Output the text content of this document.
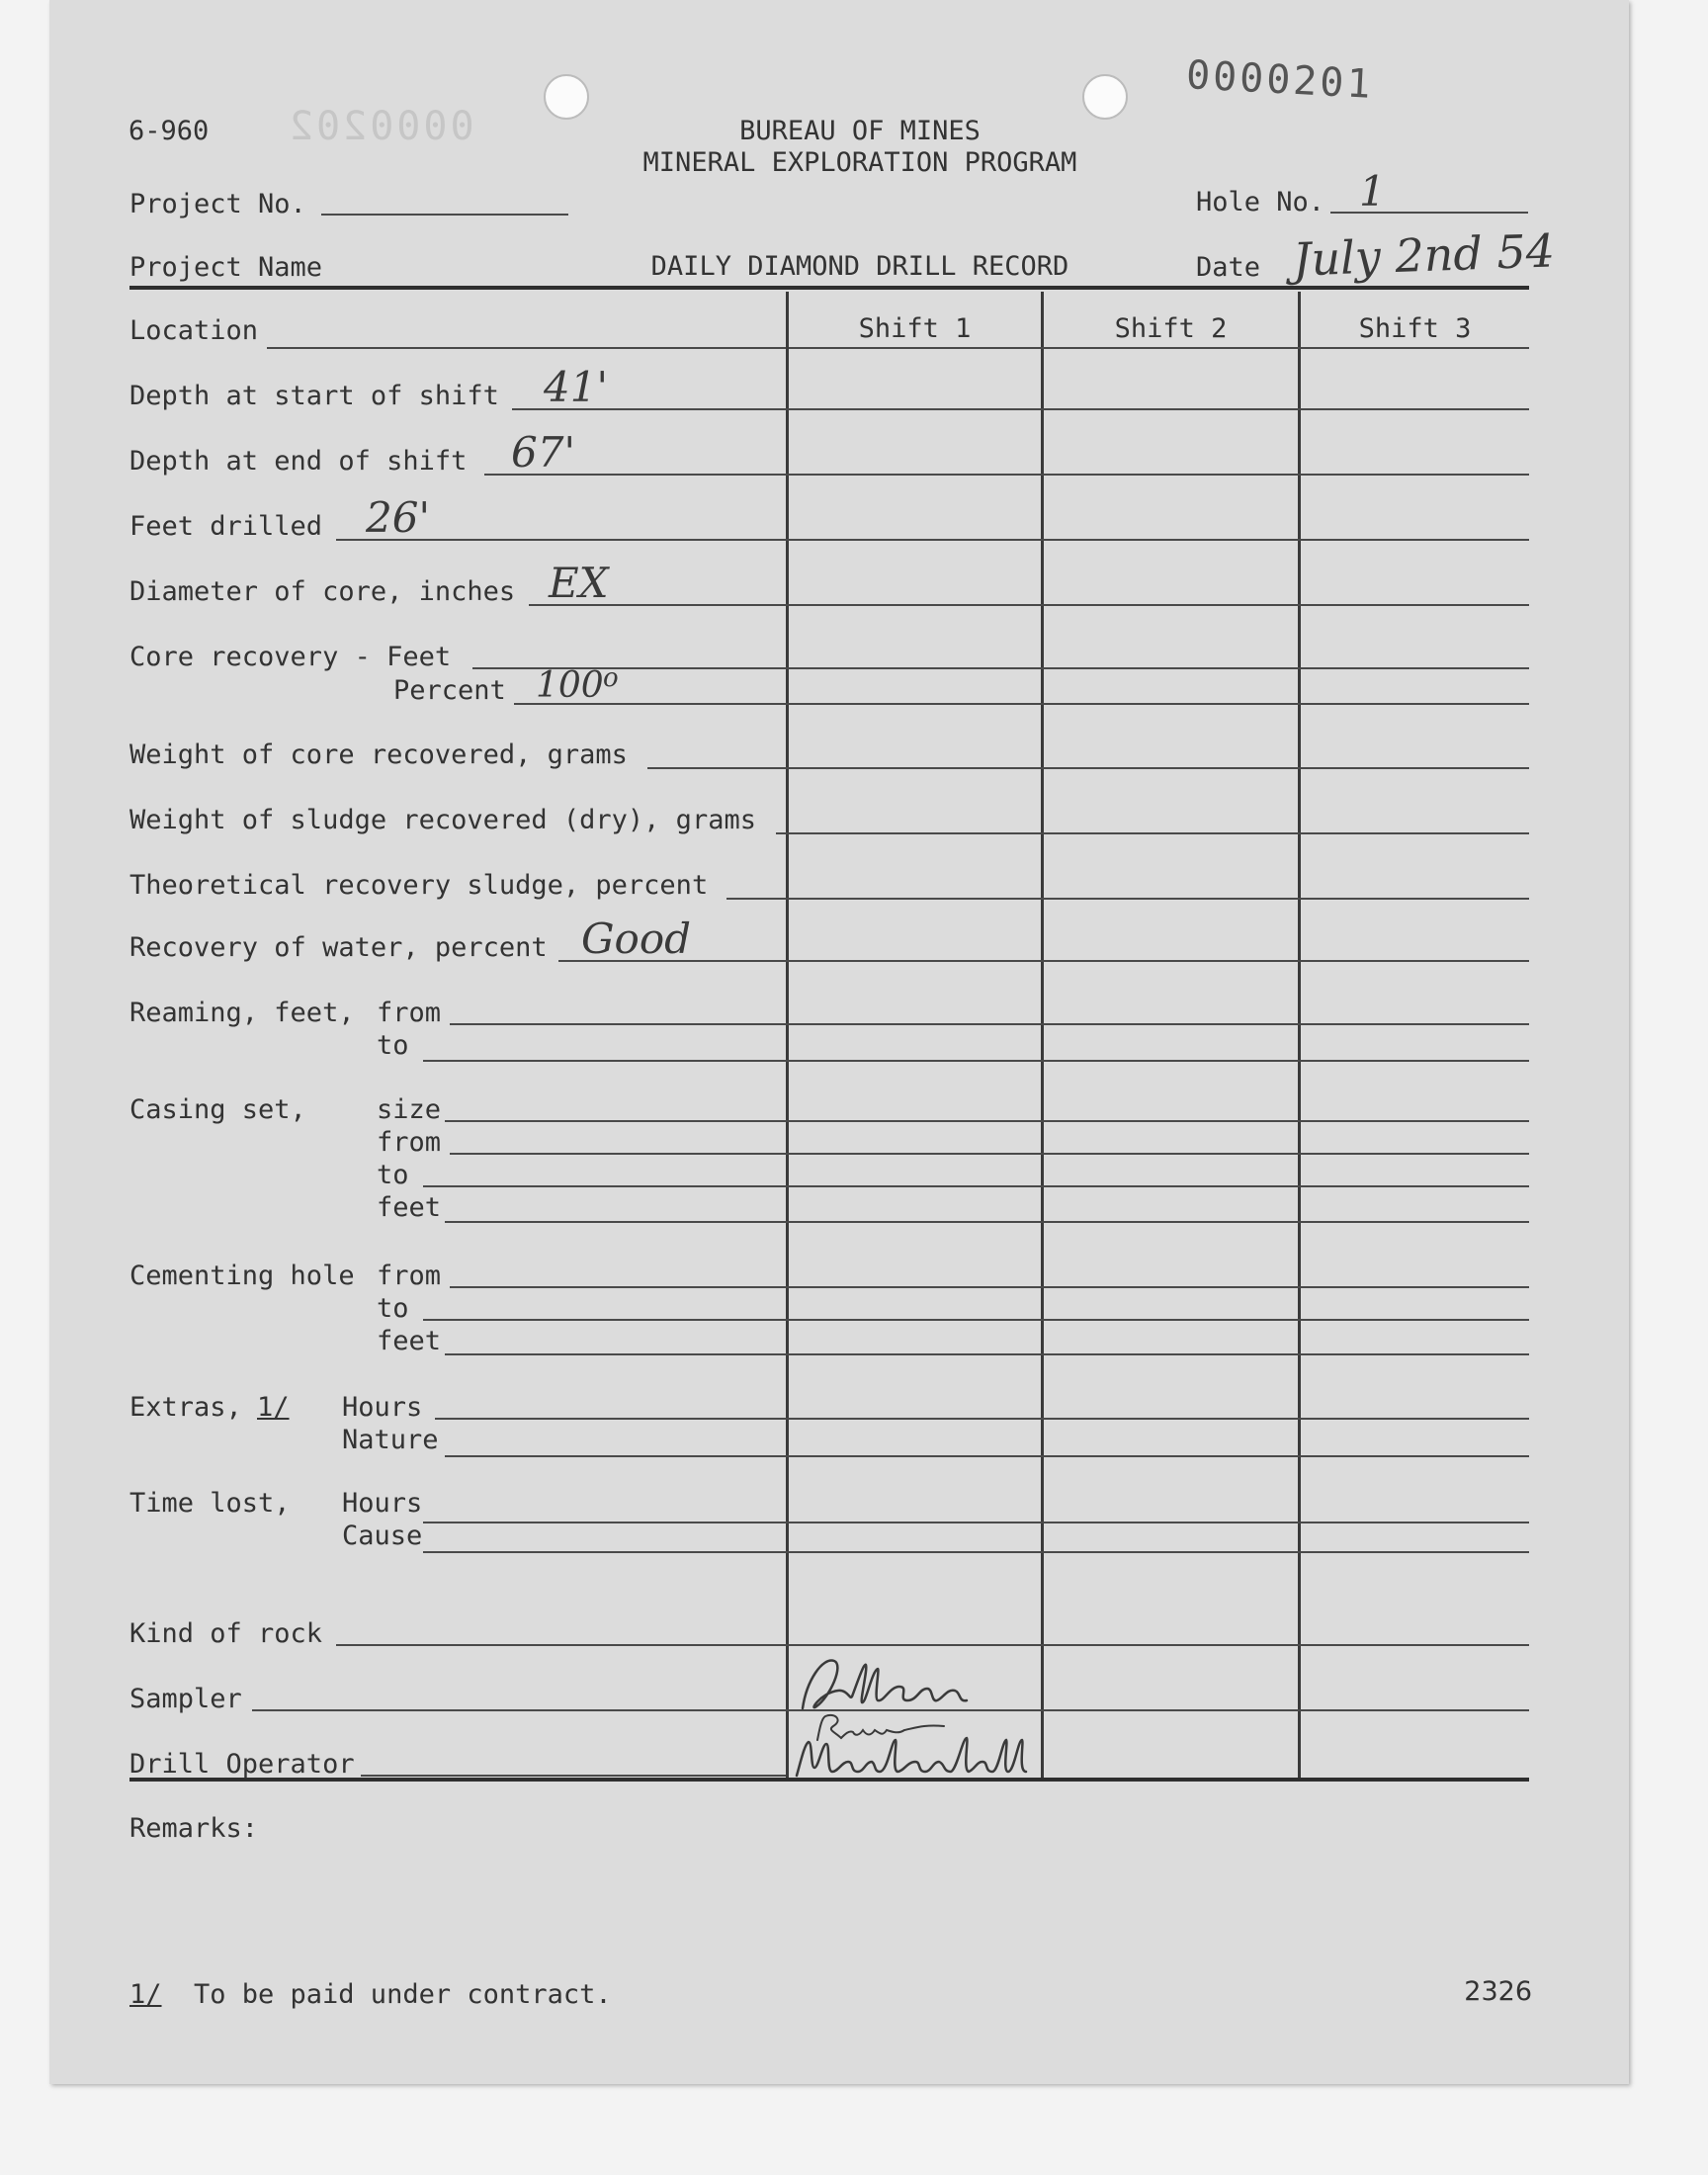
6-960 0000202	BUREAU OF MINES
MINERAL EXPLORATION PROGRAM
0000201
Project No.	Hole No. 1
Project Name	DAILY DIAMOND DRILL RECORD	Date July 2nd 54
Location	Shift 1	Shift 2	Shift 3
Depth at start of shift 41'
Depth at end of shift 67'
Feet drilled 26'
Diameter of core, inches EX
Core recovery - Feet
Percent 100 o
Weight of core recovered, grams
Weight of sludge recovered (dry), grams
Theoretical recovery sludge, percent
Recovery of water, percent Good
Reaming, feet, from
to
Casing set,	size
from
to
feet
Cementing hole from
to
feet
Extras, 1/ Hours
Nature
Time lost, Hours
Cause
Kind of rock
Sampler
Drill Operator
Remarks:
1/ To be paid under contract.	2326
